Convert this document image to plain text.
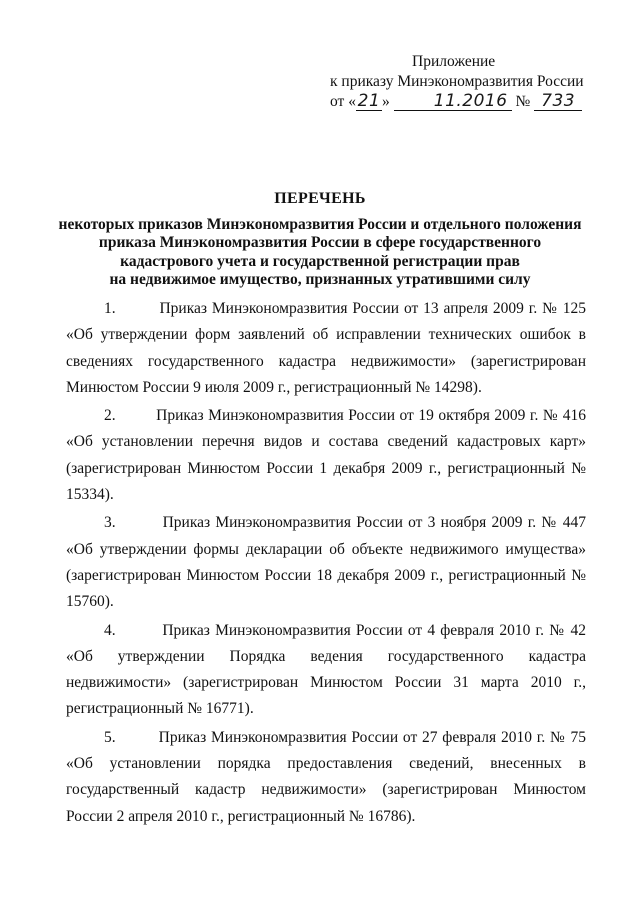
Приложение
к приказу Минэкономразвития России
от «21 »	11.2016 № 733
ПЕРЕЧЕНЬ
некоторых приказов Минэкономразвития России и отдельного положения
приказа Минэкономразвития России в сфере государственного
кадастрового учета и государственной регистрации прав
на недвижимое имущество, признанных утратившими силу

1.	Приказ Минэкономразвития России от 13 апреля 2009 г. № 125 «Об утверждении форм заявлений об исправлении технических ошибок в сведениях государственного кадастра недвижимости» (зарегистрирован Минюстом России 9 июля 2009 г., регистрационный № 14298).

2.	Приказ Минэкономразвития России от 19 октября 2009 г. № 416 «Об установлении перечня видов и состава сведений кадастровых карт» (зарегистрирован Минюстом России 1 декабря 2009 г., регистрационный № 15334).

3.	Приказ Минэкономразвития России от 3 ноября 2009 г. № 447 «Об утверждении формы декларации об объекте недвижимого имущества» (зарегистрирован Минюстом России 18 декабря 2009 г., регистрационный № 15760).

4.	Приказ Минэкономразвития России от 4 февраля 2010 г. № 42 «Об утверждении Порядка ведения государственного кадастра недвижимости» (зарегистрирован Минюстом России 31 марта 2010 г., регистрационный № 16771).

5.	Приказ Минэкономразвития России от 27 февраля 2010 г. № 75 «Об установлении порядка предоставления сведений, внесенных в государственный кадастр недвижимости» (зарегистрирован Минюстом России 2 апреля 2010 г., регистрационный № 16786).
